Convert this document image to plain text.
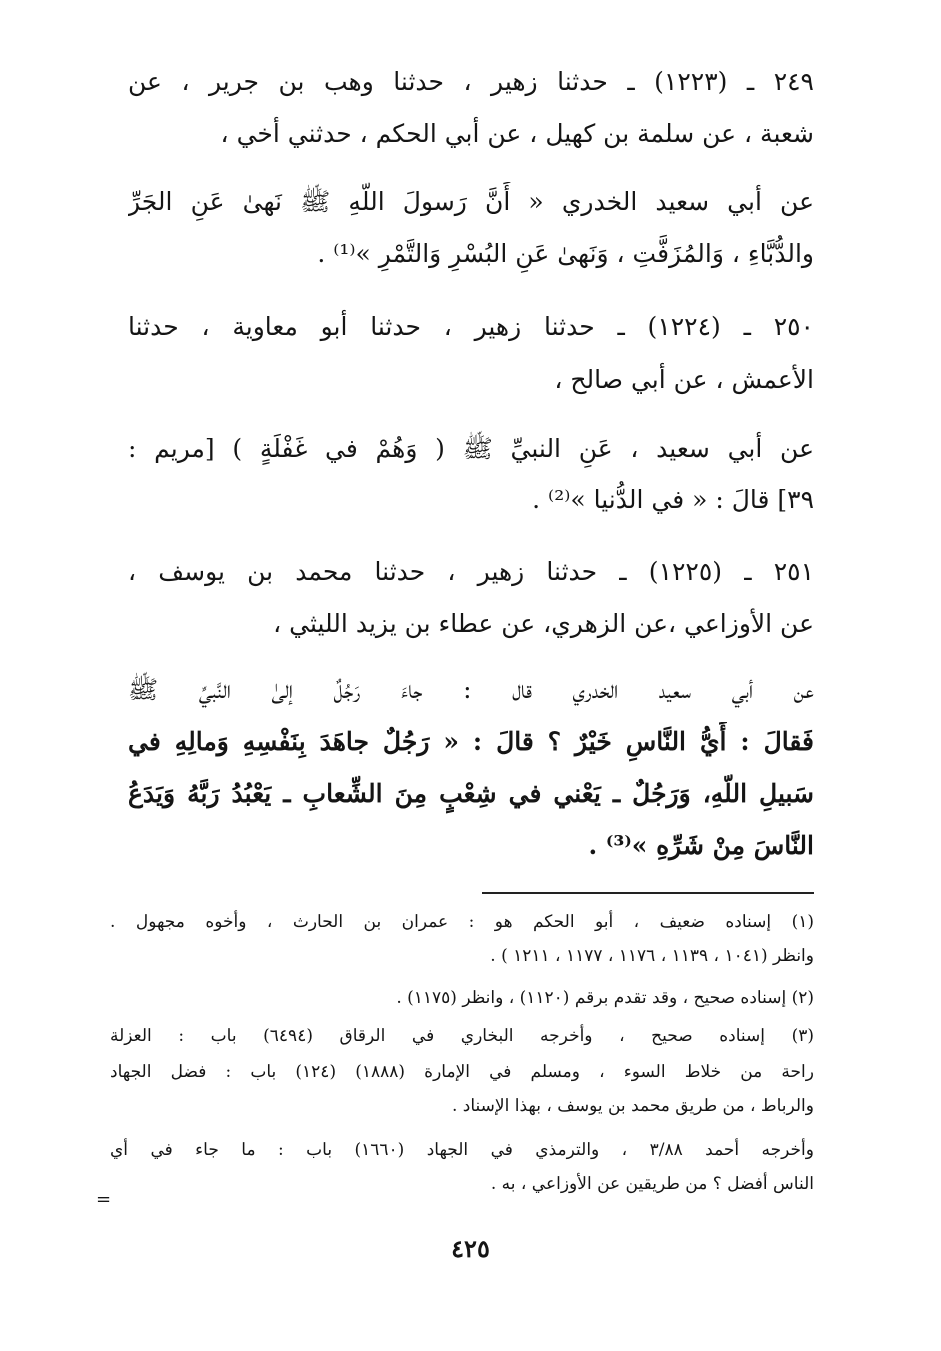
٢٤٩ ـ (١٢٢٣) ـ حدثنا زهير ، حدثنا وهب بن جرير ، عن
شعبة ، عن سلمة بن كهيل ، عن أبي الحكم ، حدثني أخي ،
عن أبي سعيد الخدري « أَنَّ رَسولَ اللّهِ ﷺ نَهىٰ عَنِ الجَرِّ
والدُّبَّاءِ ، وَالمُزَفَّتِ ، وَنَهىٰ عَنِ البُسْرِ وَالتَّمْرِ »⁽¹⁾ .
٢٥٠ ـ (١٢٢٤) ـ حدثنا زهير ، حدثنا أبو معاوية ، حدثنا
الأعمش ، عن أبي صالح ،
عن أبي سعيد ، عَنِ النبيِّ ﷺ ( وَهُمْ في غَفْلَةٍ ) [مريم :
٣٩] قالَ : « في الدُّنيا »⁽²⁾ .
٢٥١ ـ (١٢٢٥) ـ حدثنا زهير ، حدثنا محمد بن يوسف ،
عن الأوزاعي ،عن الزهري، عن عطاء بن يزيد الليثي ،
عن أبي سعيد الخدري قال : جاءَ رَجُلٌ إلىٰ النَّبيِّ ﷺ
فَقالَ : أَيُّ النَّاسِ خَيْرٌ ؟ قالَ : « رَجُلٌ جاهَدَ بِنَفْسِهِ وَمالِهِ في
سَبيلِ اللّهِ، وَرَجُلٌ ـ يَعْني في شِعْبٍ مِنَ الشِّعابِ ـ يَعْبُدُ رَبَّهُ وَيَدَعُ
النَّاسَ مِنْ شَرِّهِ »⁽³⁾ .
(١) إسناده ضعيف ، أبو الحكم هو : عمران بن الحارث ، وأخوه مجهول .
وانظر (١٠٤١ ، ١١٣٩ ، ١١٧٦ ، ١١٧٧ ، ١٢١١ ) .
(٢) إسناده صحيح ، وقد تقدم برقم (١١٢٠) ، وانظر (١١٧٥) .
(٣) إسناده صحيح ، وأخرجه البخاري في الرقاق (٦٤٩٤) باب : العزلة
راحة من خلاط السوء ، ومسلم في الإمارة (١٨٨٨) (١٢٤) باب : فضل الجهاد
والرباط ، من طريق محمد بن يوسف ، بهذا الإسناد .
وأخرجه أحمد ٣/٨٨ ، والترمذي في الجهاد (١٦٦٠) باب : ما جاء في أي
الناس أفضل ؟ من طريقين عن الأوزاعي ، به .
=
٤٢٥
